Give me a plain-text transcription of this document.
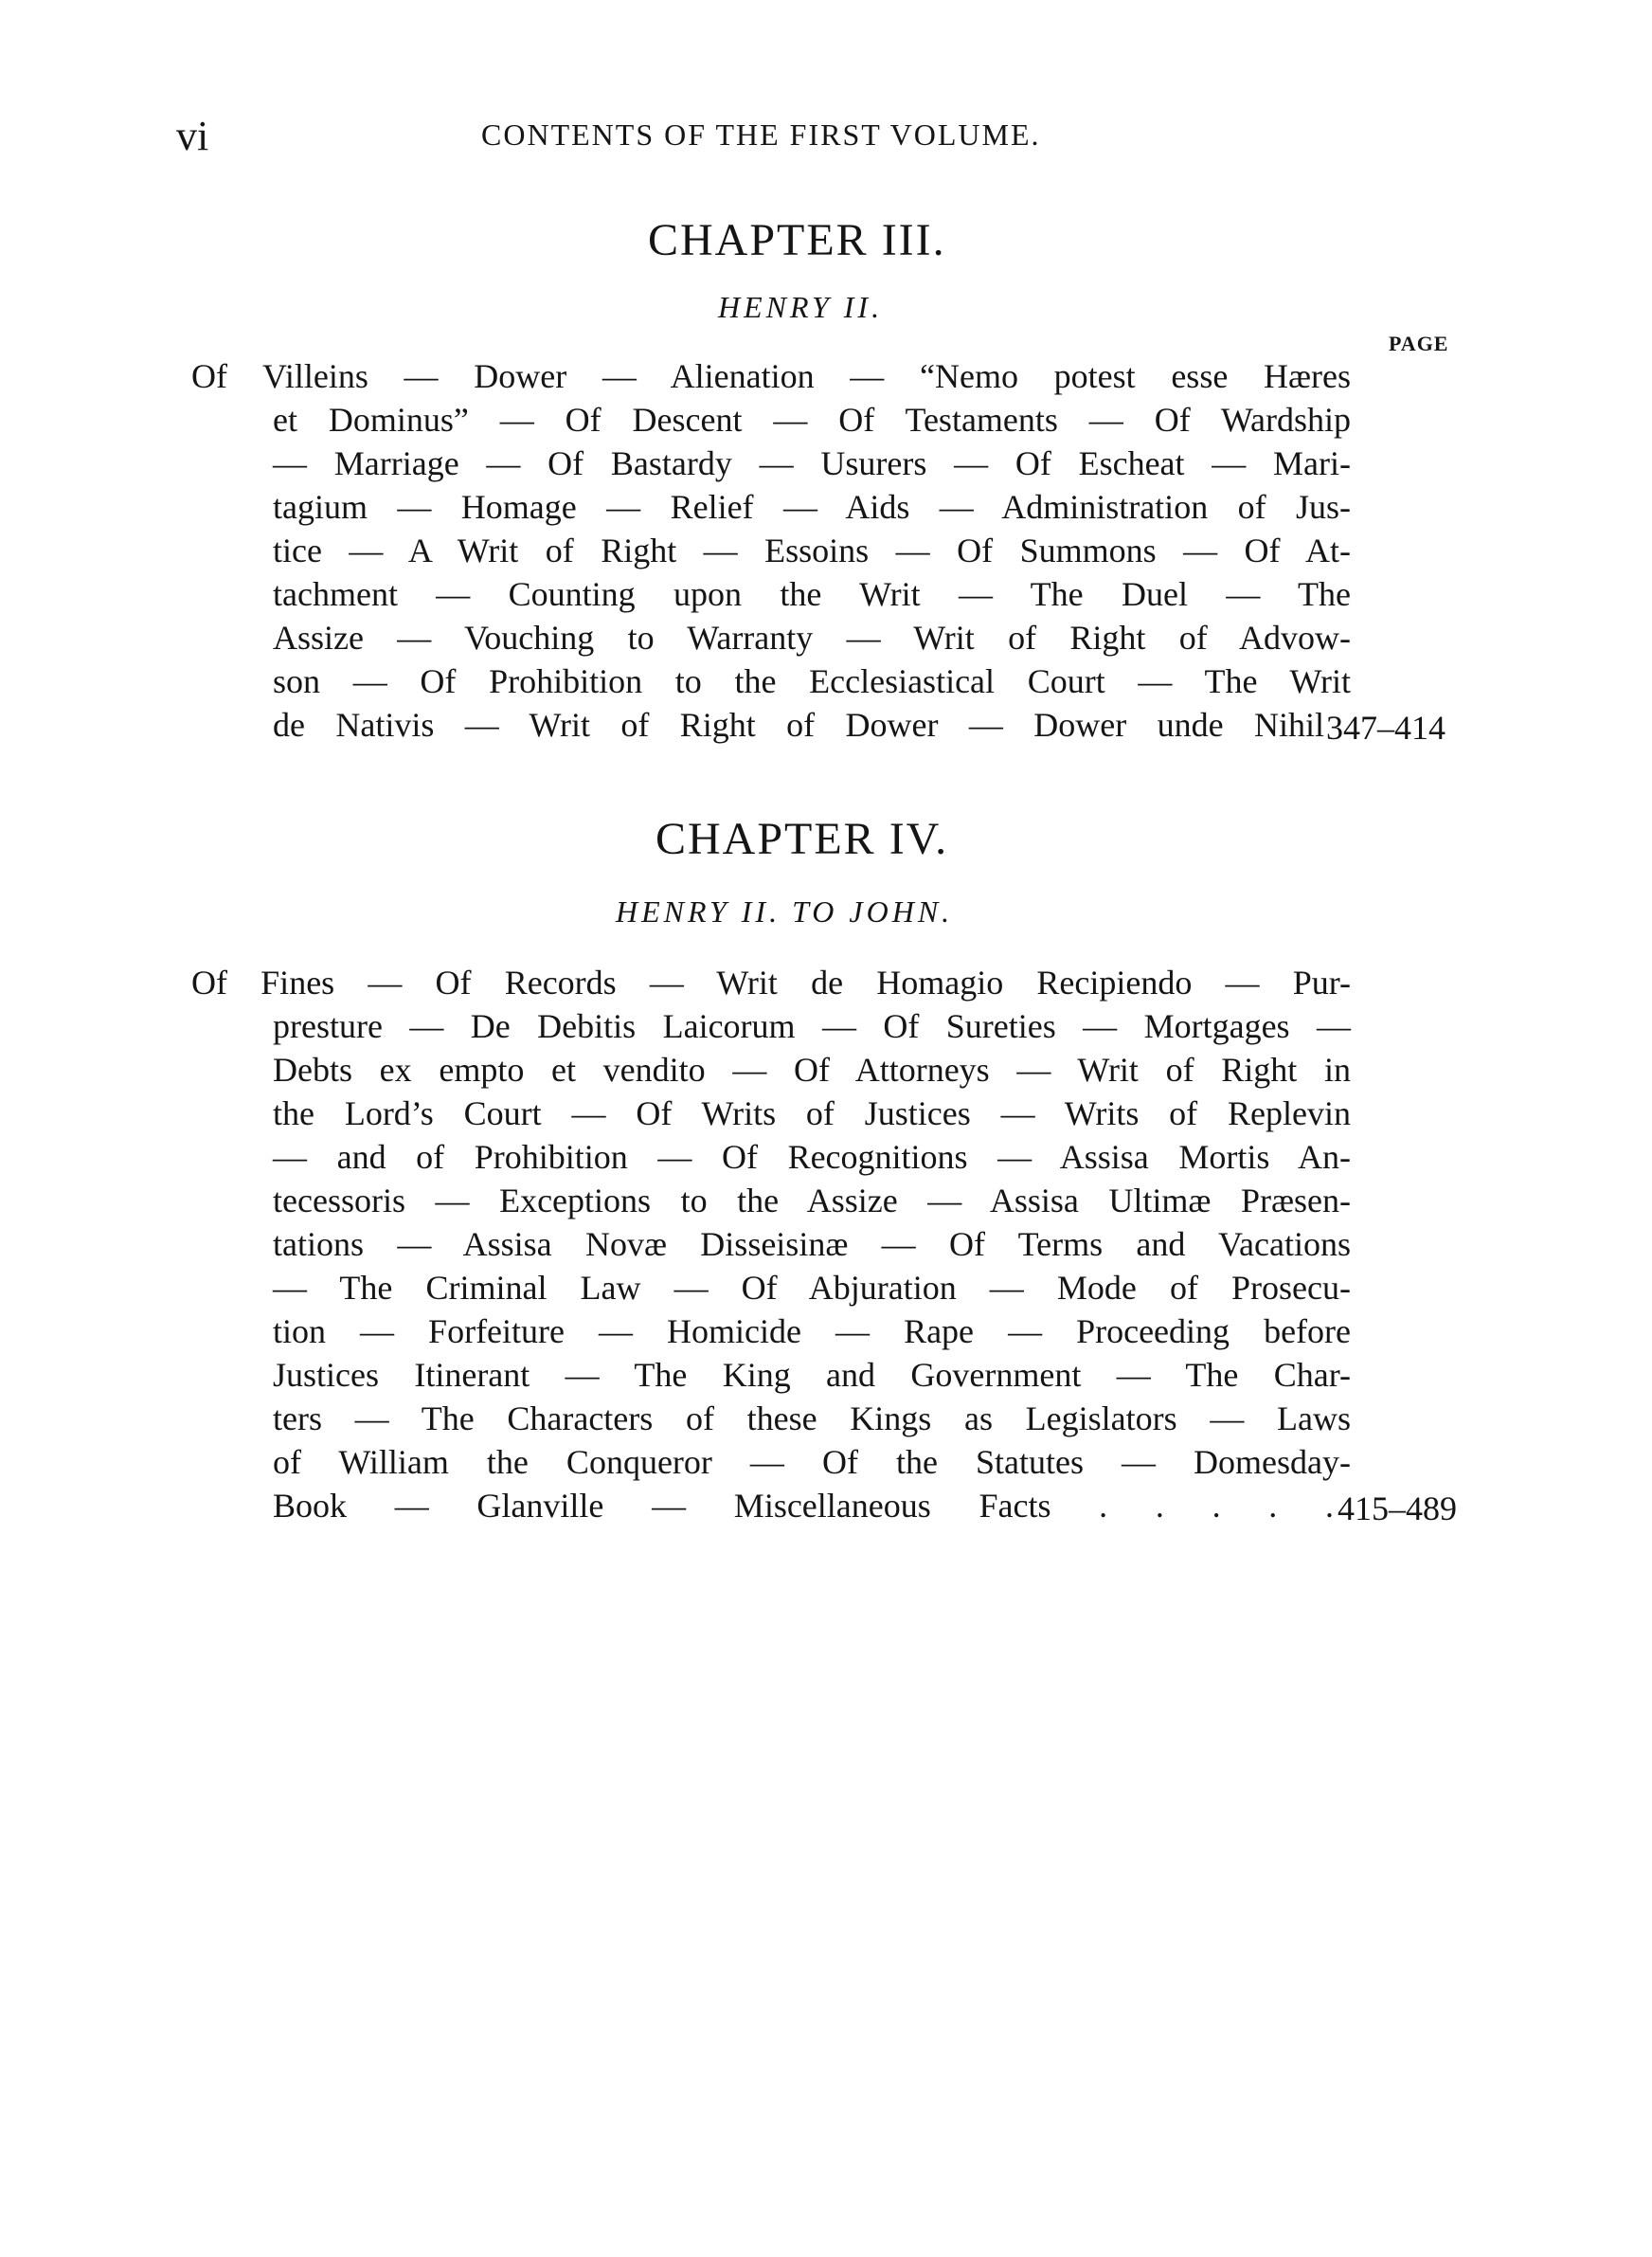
vi	CONTENTS OF THE FIRST VOLUME.
CHAPTER III.
HENRY II.
PAGE
Of Villeins — Dower — Alienation — “Nemo potest esse Hæres
et Dominus” — Of Descent — Of Testaments — Of Wardship
— Marriage — Of Bastardy — Usurers — Of Escheat — Mari-
tagium — Homage — Relief — Aids — Administration of Jus-
tice — A Writ of Right — Essoins — Of Summons — Of At-
tachment — Counting upon the Writ — The Duel — The
Assize — Vouching to Warranty — Writ of Right of Advow-
son — Of Prohibition to the Ecclesiastical Court — The Writ
de Nativis — Writ of Right of Dower — Dower unde Nihil 347–414
CHAPTER IV.
HENRY II. TO JOHN.
Of Fines — Of Records — Writ de Homagio Recipiendo — Pur-
presture — De Debitis Laicorum — Of Sureties — Mortgages —
Debts ex empto et vendito — Of Attorneys — Writ of Right in
the Lord’s Court — Of Writs of Justices — Writs of Replevin
— and of Prohibition — Of Recognitions — Assisa Mortis An-
tecessoris — Exceptions to the Assize — Assisa Ultimæ Præsen-
tations — Assisa Novæ Disseisinæ — Of Terms and Vacations
— The Criminal Law — Of Abjuration — Mode of Prosecu-
tion — Forfeiture — Homicide — Rape — Proceeding before
Justices Itinerant — The King and Government — The Char-
ters — The Characters of these Kings as Legislators — Laws
of William the Conqueror — Of the Statutes — Domesday-
Book — Glanville — Miscellaneous Facts . . . . . 415–489
